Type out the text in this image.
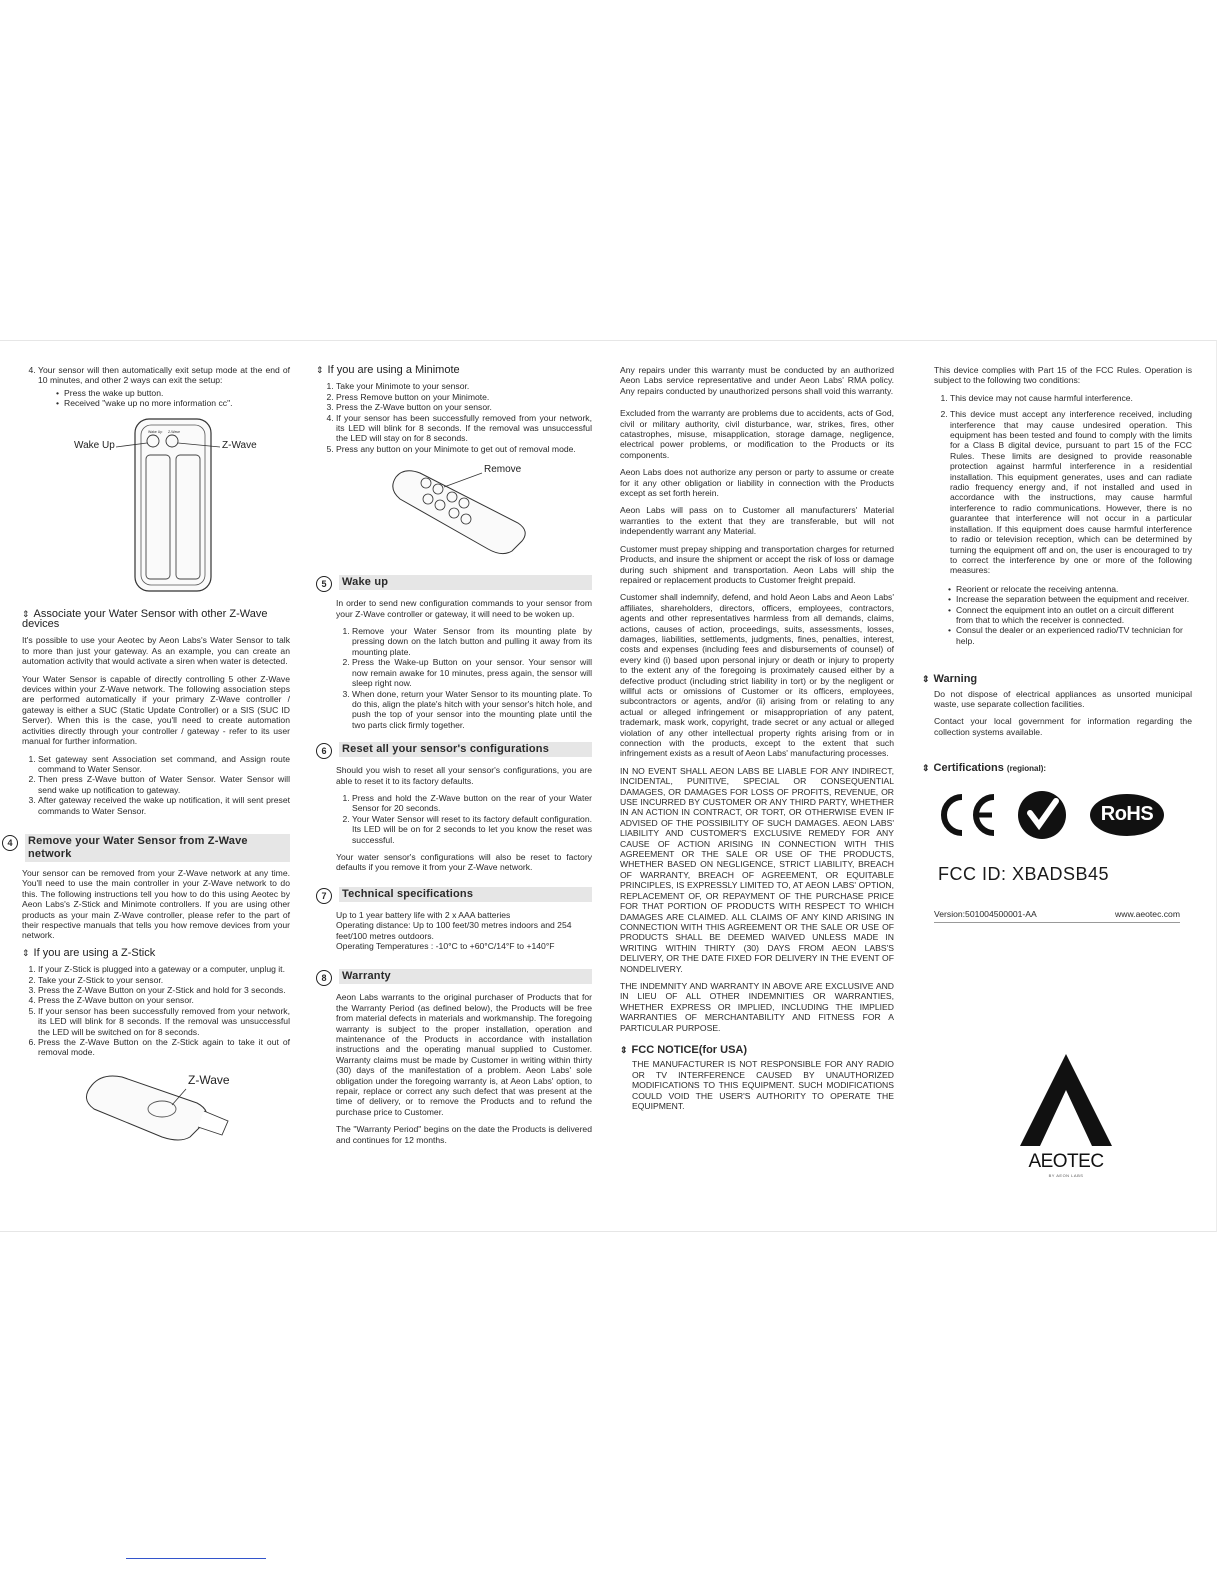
4. Your sensor will then automatically exit setup mode at the end of 10 minutes, and other 2 ways can exit the setup:
• Press the wake up button.
• Received "wake up no more information cc".
Wake Up Z-Wave
Wake Up	Z-Wave
⇕ Associate your Water Sensor with other Z-Wave devices

It's possible to use your Aeotec by Aeon Labs's Water Sensor to talk to more than just your gateway. As an example, you can create an automation activity that would activate a siren when water is detected.

Your Water Sensor is capable of directly controlling 5 other Z-Wave devices within your Z-Wave network. The following association steps are performed automatically if your primary Z-Wave controller / gateway is either a SUC (Static Update Controller) or a SIS (SUC ID Server). When this is the case, you'll need to create automation activities directly through your controller / gateway - refer to its user manual for further information.

1. Set gateway sent Association set command, and Assign route command to Water Sensor.
2. Then press Z-Wave button of Water Sensor. Water Sensor will send wake up notification to gateway.
3. After gateway received the wake up notification, it will sent preset commands to Water Sensor.
4	Remove your Water Sensor from Z-Wave network

Your sensor can be removed from your Z-Wave network at any time. You'll need to use the main controller in your Z-Wave network to do this. The following instructions tell you how to do this using Aeotec by Aeon Labs's Z-Stick and Minimote controllers. If you are using other products as your main Z-Wave controller, please refer to the part of their respective manuals that tells you how remove devices from your network.

⇕ If you are using a Z-Stick
1. If your Z-Stick is plugged into a gateway or a computer, unplug it.
2. Take your Z-Stick to your sensor.
3. Press the Z-Wave Button on your Z-Stick and hold for 3 seconds.
4. Press the Z-Wave button on your sensor.
5. If your sensor has been successfully removed from your network, its LED will blink for 8 seconds. If the removal was unsuccessful the LED will be switched on for 8 seconds.
6. Press the Z-Wave Button on the Z-Stick again to take it out of removal mode.
Z-Wave
⇕ If you are using a Minimote
1. Take your Minimote to your sensor.
2. Press Remove button on your Minimote.
3. Press the Z-Wave button on your sensor.
4. If your sensor has been successfully removed from your network, its LED will blink for 8 seconds. If the removal was unsuccessful the LED will stay on for 8 seconds.
5. Press any button on your Minimote to get out of removal mode.
Remove
5	Wake up

In order to send new configuration commands to your sensor from your Z-Wave controller or gateway, it will need to be woken up.

1. Remove your Water Sensor from its mounting plate by pressing down on the latch button and pulling it away from its mounting plate.
2. Press the Wake-up Button on your sensor. Your sensor will now remain awake for 10 minutes, press again, the sensor will sleep right now.
3. When done, return your Water Sensor to its mounting plate. To do this, align the plate's hitch with your sensor's hitch hole, and push the top of your sensor into the mounting plate until the two parts click firmly together.
6	Reset all your sensor's configurations

Should you wish to reset all your sensor's configurations, you are able to reset it to its factory defaults.

1. Press and hold the Z-Wave button on the rear of your Water Sensor for 20 seconds.
2. Your Water Sensor will reset to its factory default configuration. Its LED will be on for 2 seconds to let you know the reset was successful.

Your water sensor's configurations will also be reset to factory defaults if you remove it from your Z-Wave network.

7	Technical specifications
Up to 1 year battery life with 2 x AAA batteries
Operating distance: Up to 100 feet/30 metres indoors and 254 feet/100 metres outdoors.
Operating Temperatures : -10°C to +60°C/14°F to +140°F
8	Warranty

Aeon Labs warrants to the original purchaser of Products that for the Warranty Period (as defined below), the Products will be free from material defects in materials and workmanship. The foregoing warranty is subject to the proper installation, operation and maintenance of the Products in accordance with installation instructions and the operating manual supplied to Customer. Warranty claims must be made by Customer in writing within thirty (30) days of the manifestation of a problem. Aeon Labs' sole obligation under the foregoing warranty is, at Aeon Labs' option, to repair, replace or correct any such defect that was present at the time of delivery, or to remove the Products and to refund the purchase price to Customer.

The "Warranty Period" begins on the date the Products is delivered and continues for 12 months.

Any repairs under this warranty must be conducted by an authorized Aeon Labs service representative and under Aeon Labs' RMA policy. Any repairs conducted by unauthorized persons shall void this warranty.

Excluded from the warranty are problems due to accidents, acts of God, civil or military authority, civil disturbance, war, strikes, fires, other catastrophes, misuse, misapplication, storage damage, negligence, electrical power problems, or modification to the Products or its components.

Aeon Labs does not authorize any person or party to assume or create for it any other obligation or liability in connection with the Products except as set forth herein.

Aeon Labs will pass on to Customer all manufacturers' Material warranties to the extent that they are transferable, but will not independently warrant any Material.

Customer must prepay shipping and transportation charges for returned Products, and insure the shipment or accept the risk of loss or damage during such shipment and transportation. Aeon Labs will ship the repaired or replacement products to Customer freight prepaid.

Customer shall indemnify, defend, and hold Aeon Labs and Aeon Labs' affiliates, shareholders, directors, officers, employees, contractors, agents and other representatives harmless from all demands, claims, actions, causes of action, proceedings, suits, assessments, losses, damages, liabilities, settlements, judgments, fines, penalties, interest, costs and expenses (including fees and disbursements of counsel) of every kind (i) based upon personal injury or death or injury to property to the extent any of the foregoing is proximately caused either by a defective product (including strict liability in tort) or by the negligent or willful acts or omissions of Customer or its officers, employees, subcontractors or agents, and/or (ii) arising from or relating to any actual or alleged infringement or misappropriation of any patent, trademark, mask work, copyright, trade secret or any actual or alleged violation of any other intellectual property rights arising from or in connection with the products, except to the extent that such infringement exists as a result of Aeon Labs' manufacturing processes.

IN NO EVENT SHALL AEON LABS BE LIABLE FOR ANY INDIRECT, INCIDENTAL, PUNITIVE, SPECIAL OR CONSEQUENTIAL DAMAGES, OR DAMAGES FOR LOSS OF PROFITS, REVENUE, OR USE INCURRED BY CUSTOMER OR ANY THIRD PARTY, WHETHER IN AN ACTION IN CONTRACT, OR TORT, OR OTHERWISE EVEN IF ADVISED OF THE POSSIBILITY OF SUCH DAMAGES. AEON LABS' LIABILITY AND CUSTOMER'S EXCLUSIVE REMEDY FOR ANY CAUSE OF ACTION ARISING IN CONNECTION WITH THIS AGREEMENT OR THE SALE OR USE OF THE PRODUCTS, WHETHER BASED ON NEGLIGENCE, STRICT LIABILITY, BREACH OF WARRANTY, BREACH OF AGREEMENT, OR EQUITABLE PRINCIPLES, IS EXPRESSLY LIMITED TO, AT AEON LABS' OPTION, REPLACEMENT OF, OR REPAYMENT OF THE PURCHASE PRICE FOR THAT PORTION OF PRODUCTS WITH RESPECT TO WHICH DAMAGES ARE CLAIMED. ALL CLAIMS OF ANY KIND ARISING IN CONNECTION WITH THIS AGREEMENT OR THE SALE OR USE OF PRODUCTS SHALL BE DEEMED WAIVED UNLESS MADE IN WRITING WITHIN THIRTY (30) DAYS FROM AEON LABS'S DELIVERY, OR THE DATE FIXED FOR DELIVERY IN THE EVENT OF NONDELIVERY.

THE INDEMNITY AND WARRANTY IN ABOVE ARE EXCLUSIVE AND IN LIEU OF ALL OTHER INDEMNITIES OR WARRANTIES, WHETHER EXPRESS OR IMPLIED, INCLUDING THE IMPLIED WARRANTIES OF MERCHANTABILITY AND FITNESS FOR A PARTICULAR PURPOSE.

⇕ FCC NOTICE(for USA)

THE MANUFACTURER IS NOT RESPONSIBLE FOR ANY RADIO OR TV INTERFERENCE CAUSED BY UNAUTHORIZED MODIFICATIONS TO THIS EQUIPMENT. SUCH MODIFICATIONS COULD VOID THE USER'S AUTHORITY TO OPERATE THE EQUIPMENT.

This device complies with Part 15 of the FCC Rules. Operation is subject to the following two conditions:

1. This device may not cause harmful interference.
2. This device must accept any interference received, including interference that may cause undesired operation. This equipment has been tested and found to comply with the limits for a Class B digital device, pursuant to part 15 of the FCC Rules. These limits are designed to provide reasonable protection against harmful interference in a residential installation. This equipment generates, uses and can radiate radio frequency energy and, if not installed and used in accordance with the instructions, may cause harmful interference to radio communications. However, there is no guarantee that interference will not occur in a particular installation. If this equipment does cause harmful interference to radio or television reception, which can be determined by turning the equipment off and on, the user is encouraged to try to correct the interference by one or more of the following measures:
• Reorient or relocate the receiving antenna.
• Increase the separation between the equipment and receiver.
• Connect the equipment into an outlet on a circuit different from that to which the receiver is connected.
• Consul the dealer or an experienced radio/TV technician for help.
⇕ Warning

Do not dispose of electrical appliances as unsorted municipal waste, use separate collection facilities.

Contact your local government for information regarding the collection systems available.

⇕ Certifications (regional):
RoHS
FCC ID: XBADSB45
Version:501004500001-AA	www.aeotec.com
AEOTEC
BY AEON LABS
